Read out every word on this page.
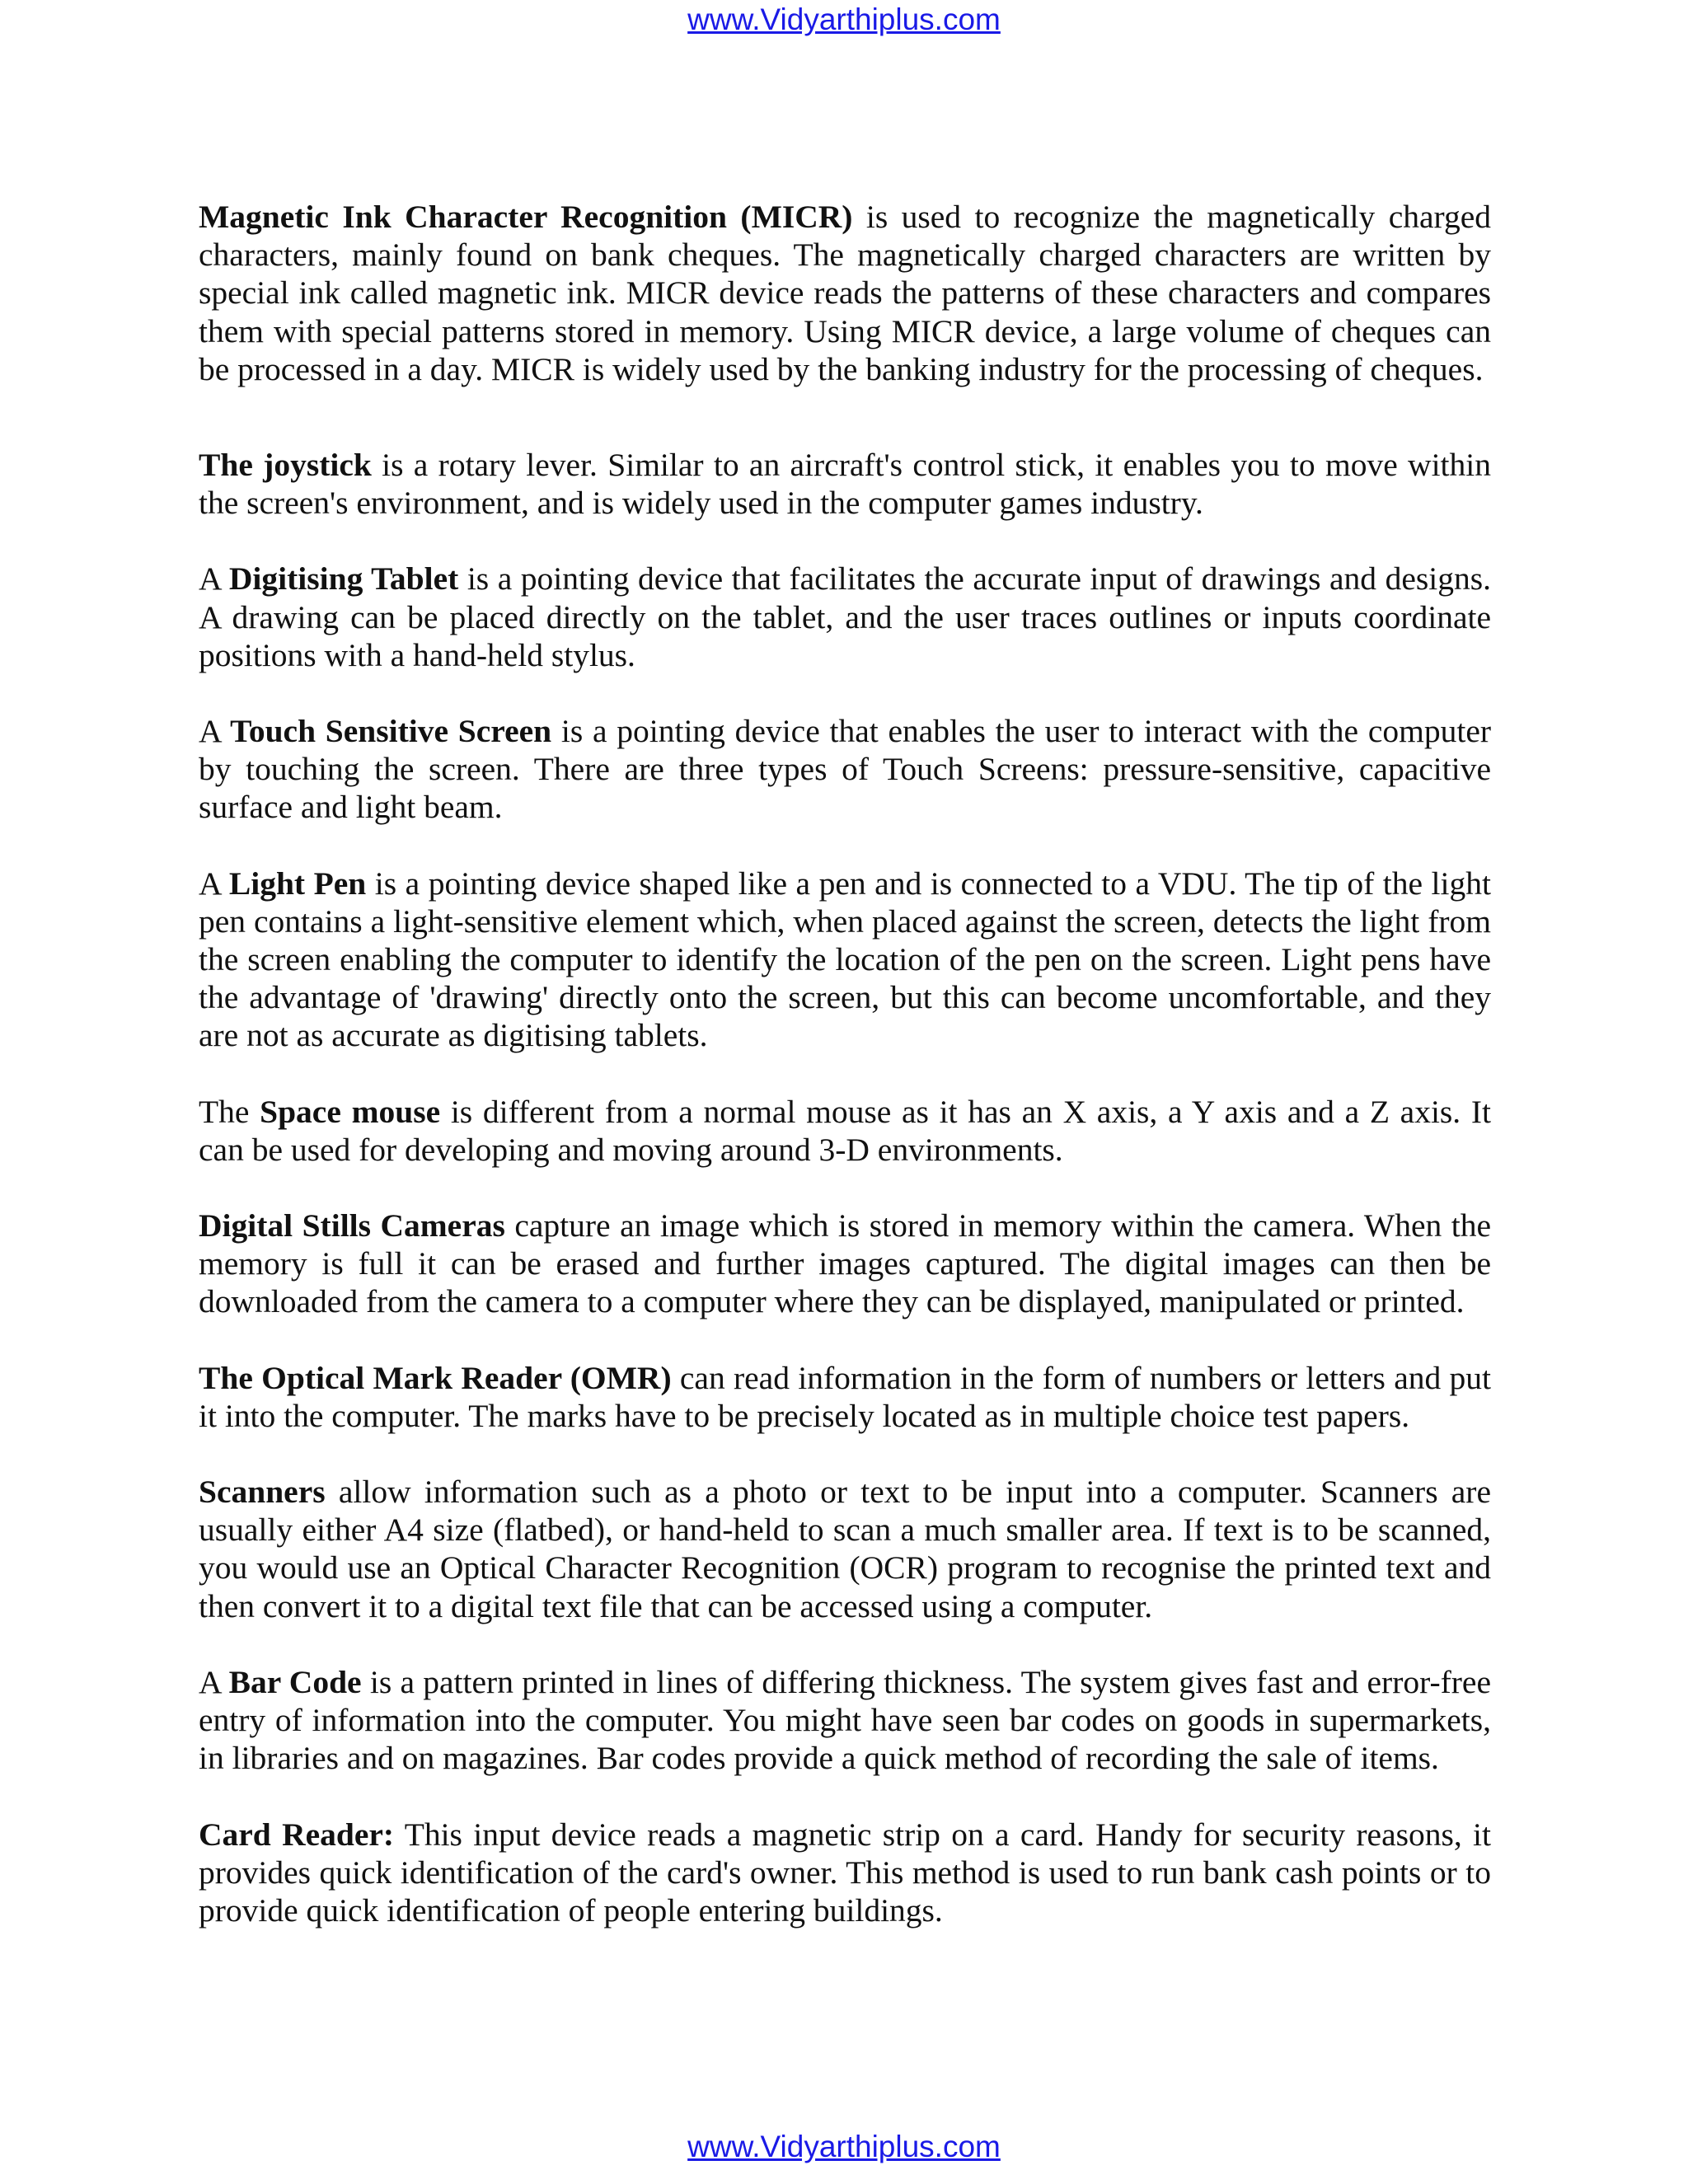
www.Vidyarthiplus.com

Magnetic Ink Character Recognition (MICR) is used to recognize the magnetically charged characters, mainly found on bank cheques. The magnetically charged characters are written by special ink called magnetic ink. MICR device reads the patterns of these characters and compares them with special patterns stored in memory. Using MICR device, a large volume of cheques can be processed in a day. MICR is widely used by the banking industry for the processing of cheques.

The joystick is a rotary lever. Similar to an aircraft's control stick, it enables you to move within the screen's environment, and is widely used in the computer games industry.

A Digitising Tablet is a pointing device that facilitates the accurate input of drawings and designs. A drawing can be placed directly on the tablet, and the user traces outlines or inputs coordinate positions with a hand-held stylus.

A Touch Sensitive Screen is a pointing device that enables the user to interact with the computer by touching the screen. There are three types of Touch Screens: pressure-sensitive, capacitive surface and light beam.

A Light Pen is a pointing device shaped like a pen and is connected to a VDU. The tip of the light pen contains a light-sensitive element which, when placed against the screen, detects the light from the screen enabling the computer to identify the location of the pen on the screen. Light pens have the advantage of 'drawing' directly onto the screen, but this can become uncomfortable, and they are not as accurate as digitising tablets.

The Space mouse is different from a normal mouse as it has an X axis, a Y axis and a Z axis. It can be used for developing and moving around 3-D environments.

Digital Stills Cameras capture an image which is stored in memory within the camera. When the memory is full it can be erased and further images captured. The digital images can then be downloaded from the camera to a computer where they can be displayed, manipulated or printed.

The Optical Mark Reader (OMR) can read information in the form of numbers or letters and put it into the computer. The marks have to be precisely located as in multiple choice test papers.

Scanners allow information such as a photo or text to be input into a computer. Scanners are usually either A4 size (flatbed), or hand-held to scan a much smaller area. If text is to be scanned, you would use an Optical Character Recognition (OCR) program to recognise the printed text and then convert it to a digital text file that can be accessed using a computer.

A Bar Code is a pattern printed in lines of differing thickness. The system gives fast and error-free entry of information into the computer. You might have seen bar codes on goods in supermarkets, in libraries and on magazines. Bar codes provide a quick method of recording the sale of items.

Card Reader: This input device reads a magnetic strip on a card. Handy for security reasons, it provides quick identification of the card's owner. This method is used to run bank cash points or to provide quick identification of people entering buildings.

www.Vidyarthiplus.com
